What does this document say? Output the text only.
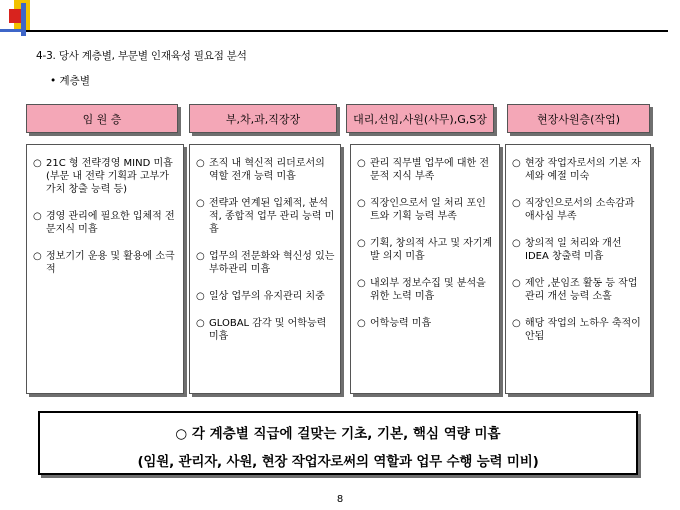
4-3. 당사 계층별, 부문별 인재육성 필요점 분석
• 계층별
임 원 층	부,차,과,직장장	대리,선임,사원(사무),G,S장	현장사원층(작업)
○ 21C 형 전략경영 MIND 미흡(부문 내 전략 기획과 고부가가치 창출 능력 등)
○ 경영 관리에 필요한 입체적 전문지식 미흡
○ 정보기기 운용 및 활용에 소극적
○ 조직 내 혁신적 리더로서의 역할 전개 능력 미흡
○ 전략과 연계된 입체적, 분석적, 종합적 업무 관리 능력 미흡
○ 업무의 전문화와 혁신성 있는 부하관리 미흡
○ 일상 업무의 유지관리 치중
○ GLOBAL 감각 및 어학능력 미흡
○ 관리 직무별 업무에 대한 전문적 지식 부족
○ 직장인으로서 일 처리 포인트와 기획 능력 부족
○ 기획, 창의적 사고 및 자기계발 의지 미흡
○ 내외부 정보수집 및 분석을 위한 노력 미흡
○ 어학능력 미흡
○ 현장 작업자로서의 기본 자세와 예절 미숙
○ 직장인으로서의 소속감과 애사심 부족
○ 창의적 일 처리와 개선 IDEA 창출력 미흡
○ 제안 ,분임조 활동 등 작업관리 개선 능력 소홀
○ 해당 작업의 노하우 축적이 안됨
○ 각 계층별 직급에 걸맞는 기초, 기본, 핵심 역량 미흡
(임원, 관리자, 사원, 현장 작업자로써의 역할과 업무 수행 능력 미비)
8
